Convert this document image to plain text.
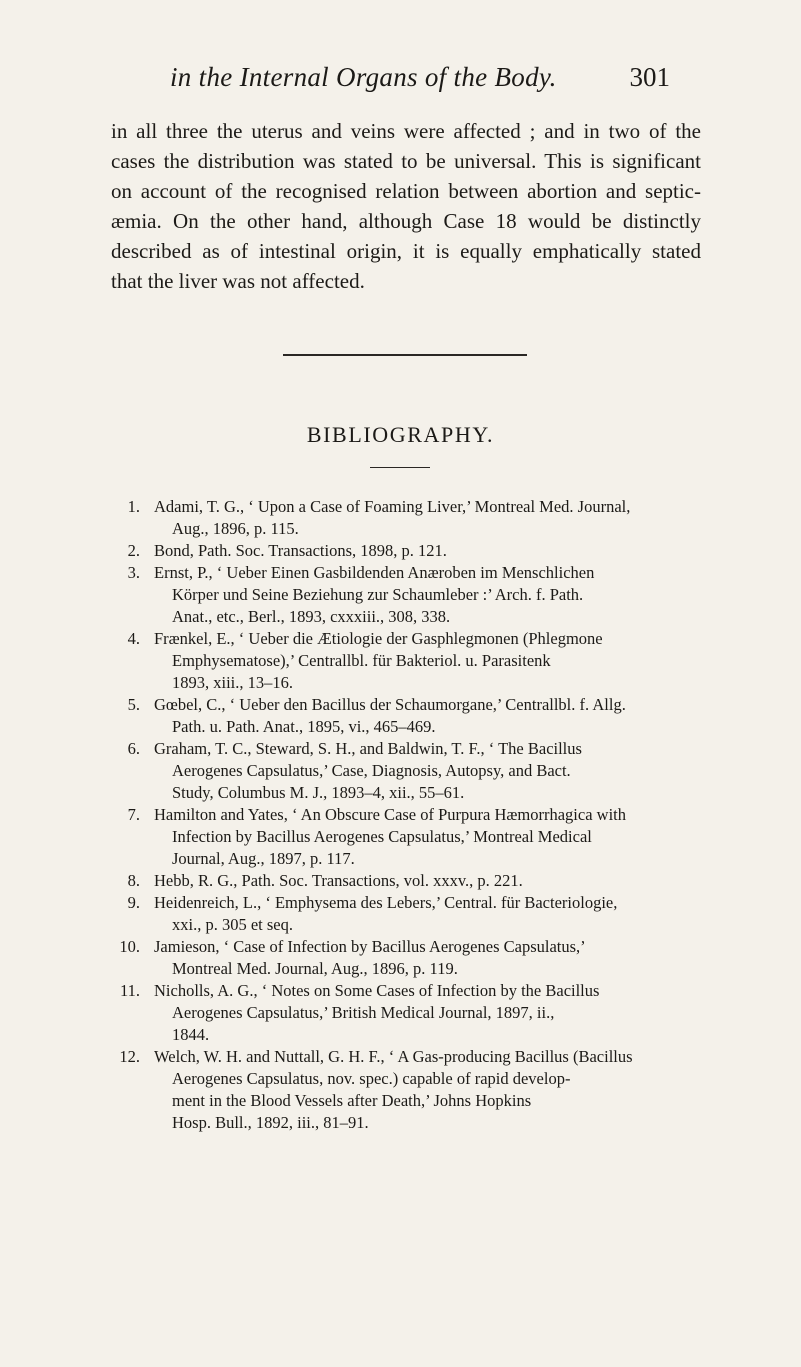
in the Internal Organs of the Body.	301
in all three the uterus and veins were affected ; and in two of the
cases the distribution was stated to be universal. This is significant
on account of the recognised relation between abortion and septic-
æmia. On the other hand, although Case 18 would be distinctly
described as of intestinal origin, it is equally emphatically stated
that the liver was not affected.
BIBLIOGRAPHY.
1. Adami, T. G., ‘ Upon a Case of Foaming Liver,’ Montreal Med. Journal,
Aug., 1896, p. 115.
2. Bond, Path. Soc. Transactions, 1898, p. 121.
3. Ernst, P., ‘ Ueber Einen Gasbildenden Anæroben im Menschlichen
Körper und Seine Beziehung zur Schaumleber :’ Arch. f. Path.
Anat., etc., Berl., 1893, cxxxiii., 308, 338.
4. Frænkel, E., ‘ Ueber die Ætiologie der Gasphlegmonen (Phlegmone
Emphysematose),’ Centrallbl. für Bakteriol. u. Parasitenk
1893, xiii., 13–16.
5. Gœbel, C., ‘ Ueber den Bacillus der Schaumorgane,’ Centrallbl. f. Allg.
Path. u. Path. Anat., 1895, vi., 465–469.
6. Graham, T. C., Steward, S. H., and Baldwin, T. F., ‘ The Bacillus
Aerogenes Capsulatus,’ Case, Diagnosis, Autopsy, and Bact.
Study, Columbus M. J., 1893–4, xii., 55–61.
7. Hamilton and Yates, ‘ An Obscure Case of Purpura Hæmorrhagica with
Infection by Bacillus Aerogenes Capsulatus,’ Montreal Medical
Journal, Aug., 1897, p. 117.
8. Hebb, R. G., Path. Soc. Transactions, vol. xxxv., p. 221.
9. Heidenreich, L., ‘ Emphysema des Lebers,’ Central. für Bacteriologie,
xxi., p. 305 et seq.
10. Jamieson, ‘ Case of Infection by Bacillus Aerogenes Capsulatus,’
Montreal Med. Journal, Aug., 1896, p. 119.
11. Nicholls, A. G., ‘ Notes on Some Cases of Infection by the Bacillus
Aerogenes Capsulatus,’ British Medical Journal, 1897, ii.,
1844.
12. Welch, W. H. and Nuttall, G. H. F., ‘ A Gas-producing Bacillus (Bacillus
Aerogenes Capsulatus, nov. spec.) capable of rapid develop-
ment in the Blood Vessels after Death,’ Johns Hopkins
Hosp. Bull., 1892, iii., 81–91.
